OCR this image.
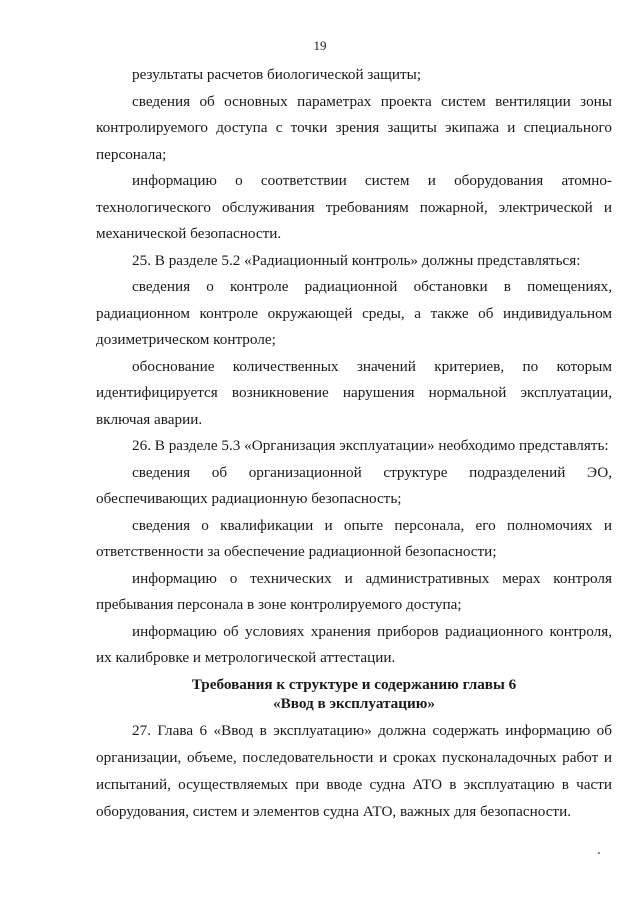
19

результаты расчетов биологической защиты;

сведения об основных параметрах проекта систем вентиляции зоны контролируемого доступа с точки зрения защиты экипажа и специального персонала;

информацию о соответствии систем и оборудования атомно-технологического обслуживания требованиям пожарной, электрической и механической безопасности.

25. В разделе 5.2 «Радиационный контроль» должны представляться:

сведения о контроле радиационной обстановки в помещениях, радиационном контроле окружающей среды, а также об индивидуальном дозиметрическом контроле;

обоснование количественных значений критериев, по которым идентифицируется возникновение нарушения нормальной эксплуатации, включая аварии.

26. В разделе 5.3 «Организация эксплуатации» необходимо представлять:

сведения об организационной структуре подразделений ЭО, обеспечивающих радиационную безопасность;

сведения о квалификации и опыте персонала, его полномочиях и ответственности за обеспечение радиационной безопасности;

информацию о технических и административных мерах контроля пребывания персонала в зоне контролируемого доступа;

информацию об условиях хранения приборов радиационного контроля, их калибровке и метрологической аттестации.

Требования к структуре и содержанию главы 6
«Ввод в эксплуатацию»

27. Глава 6 «Ввод в эксплуатацию» должна содержать информацию об организации, объеме, последовательности и сроках пусконаладочных работ и испытаний, осуществляемых при вводе судна АТО в эксплуатацию в части оборудования, систем и элементов судна АТО, важных для безопасности.
